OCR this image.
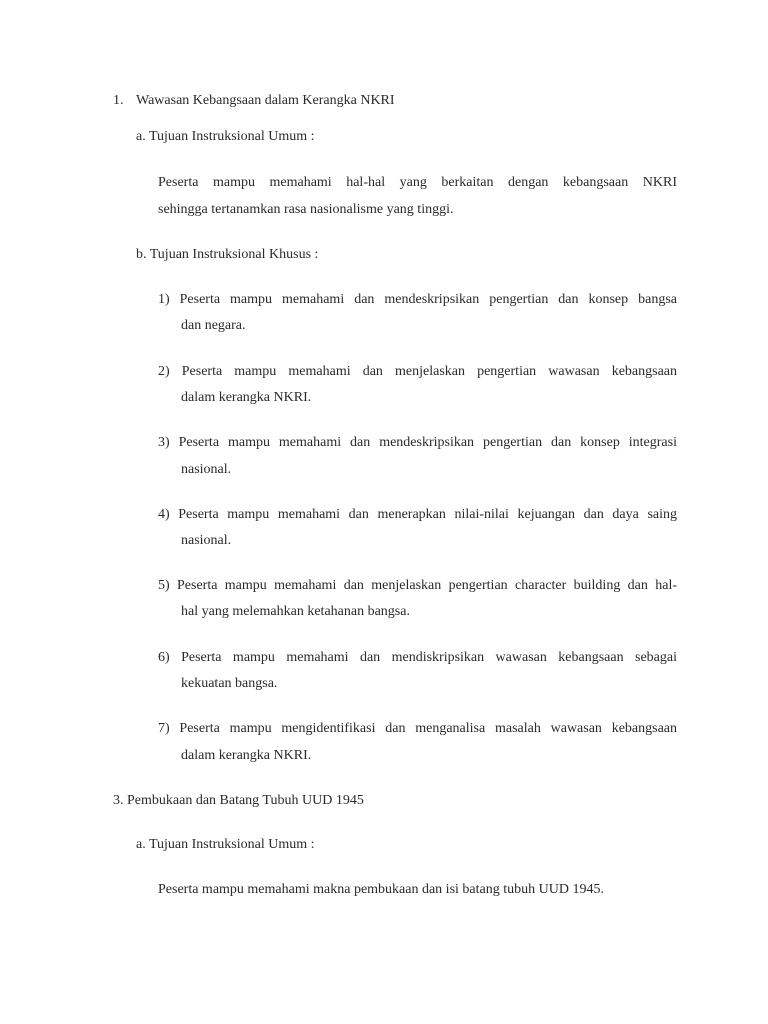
1. Wawasan Kebangsaan dalam Kerangka NKRI
a. Tujuan Instruksional Umum :
Peserta mampu memahami hal-hal yang berkaitan dengan kebangsaan NKRI
sehingga tertanamkan rasa nasionalisme yang tinggi.
b. Tujuan Instruksional Khusus :
1) Peserta mampu memahami dan mendeskripsikan pengertian dan konsep bangsa
dan negara.
2) Peserta mampu memahami dan menjelaskan pengertian wawasan kebangsaan
dalam kerangka NKRI.
3) Peserta mampu memahami dan mendeskripsikan pengertian dan konsep integrasi
nasional.
4) Peserta mampu memahami dan menerapkan nilai-nilai kejuangan dan daya saing
nasional.
5) Peserta mampu memahami dan menjelaskan pengertian character building dan hal-
hal yang melemahkan ketahanan bangsa.
6) Peserta mampu memahami dan mendiskripsikan wawasan kebangsaan sebagai
kekuatan bangsa.
7) Peserta mampu mengidentifikasi dan menganalisa masalah wawasan kebangsaan
dalam kerangka NKRI.
3. Pembukaan dan Batang Tubuh UUD 1945
a. Tujuan Instruksional Umum :
Peserta mampu memahami makna pembukaan dan isi batang tubuh UUD 1945.
